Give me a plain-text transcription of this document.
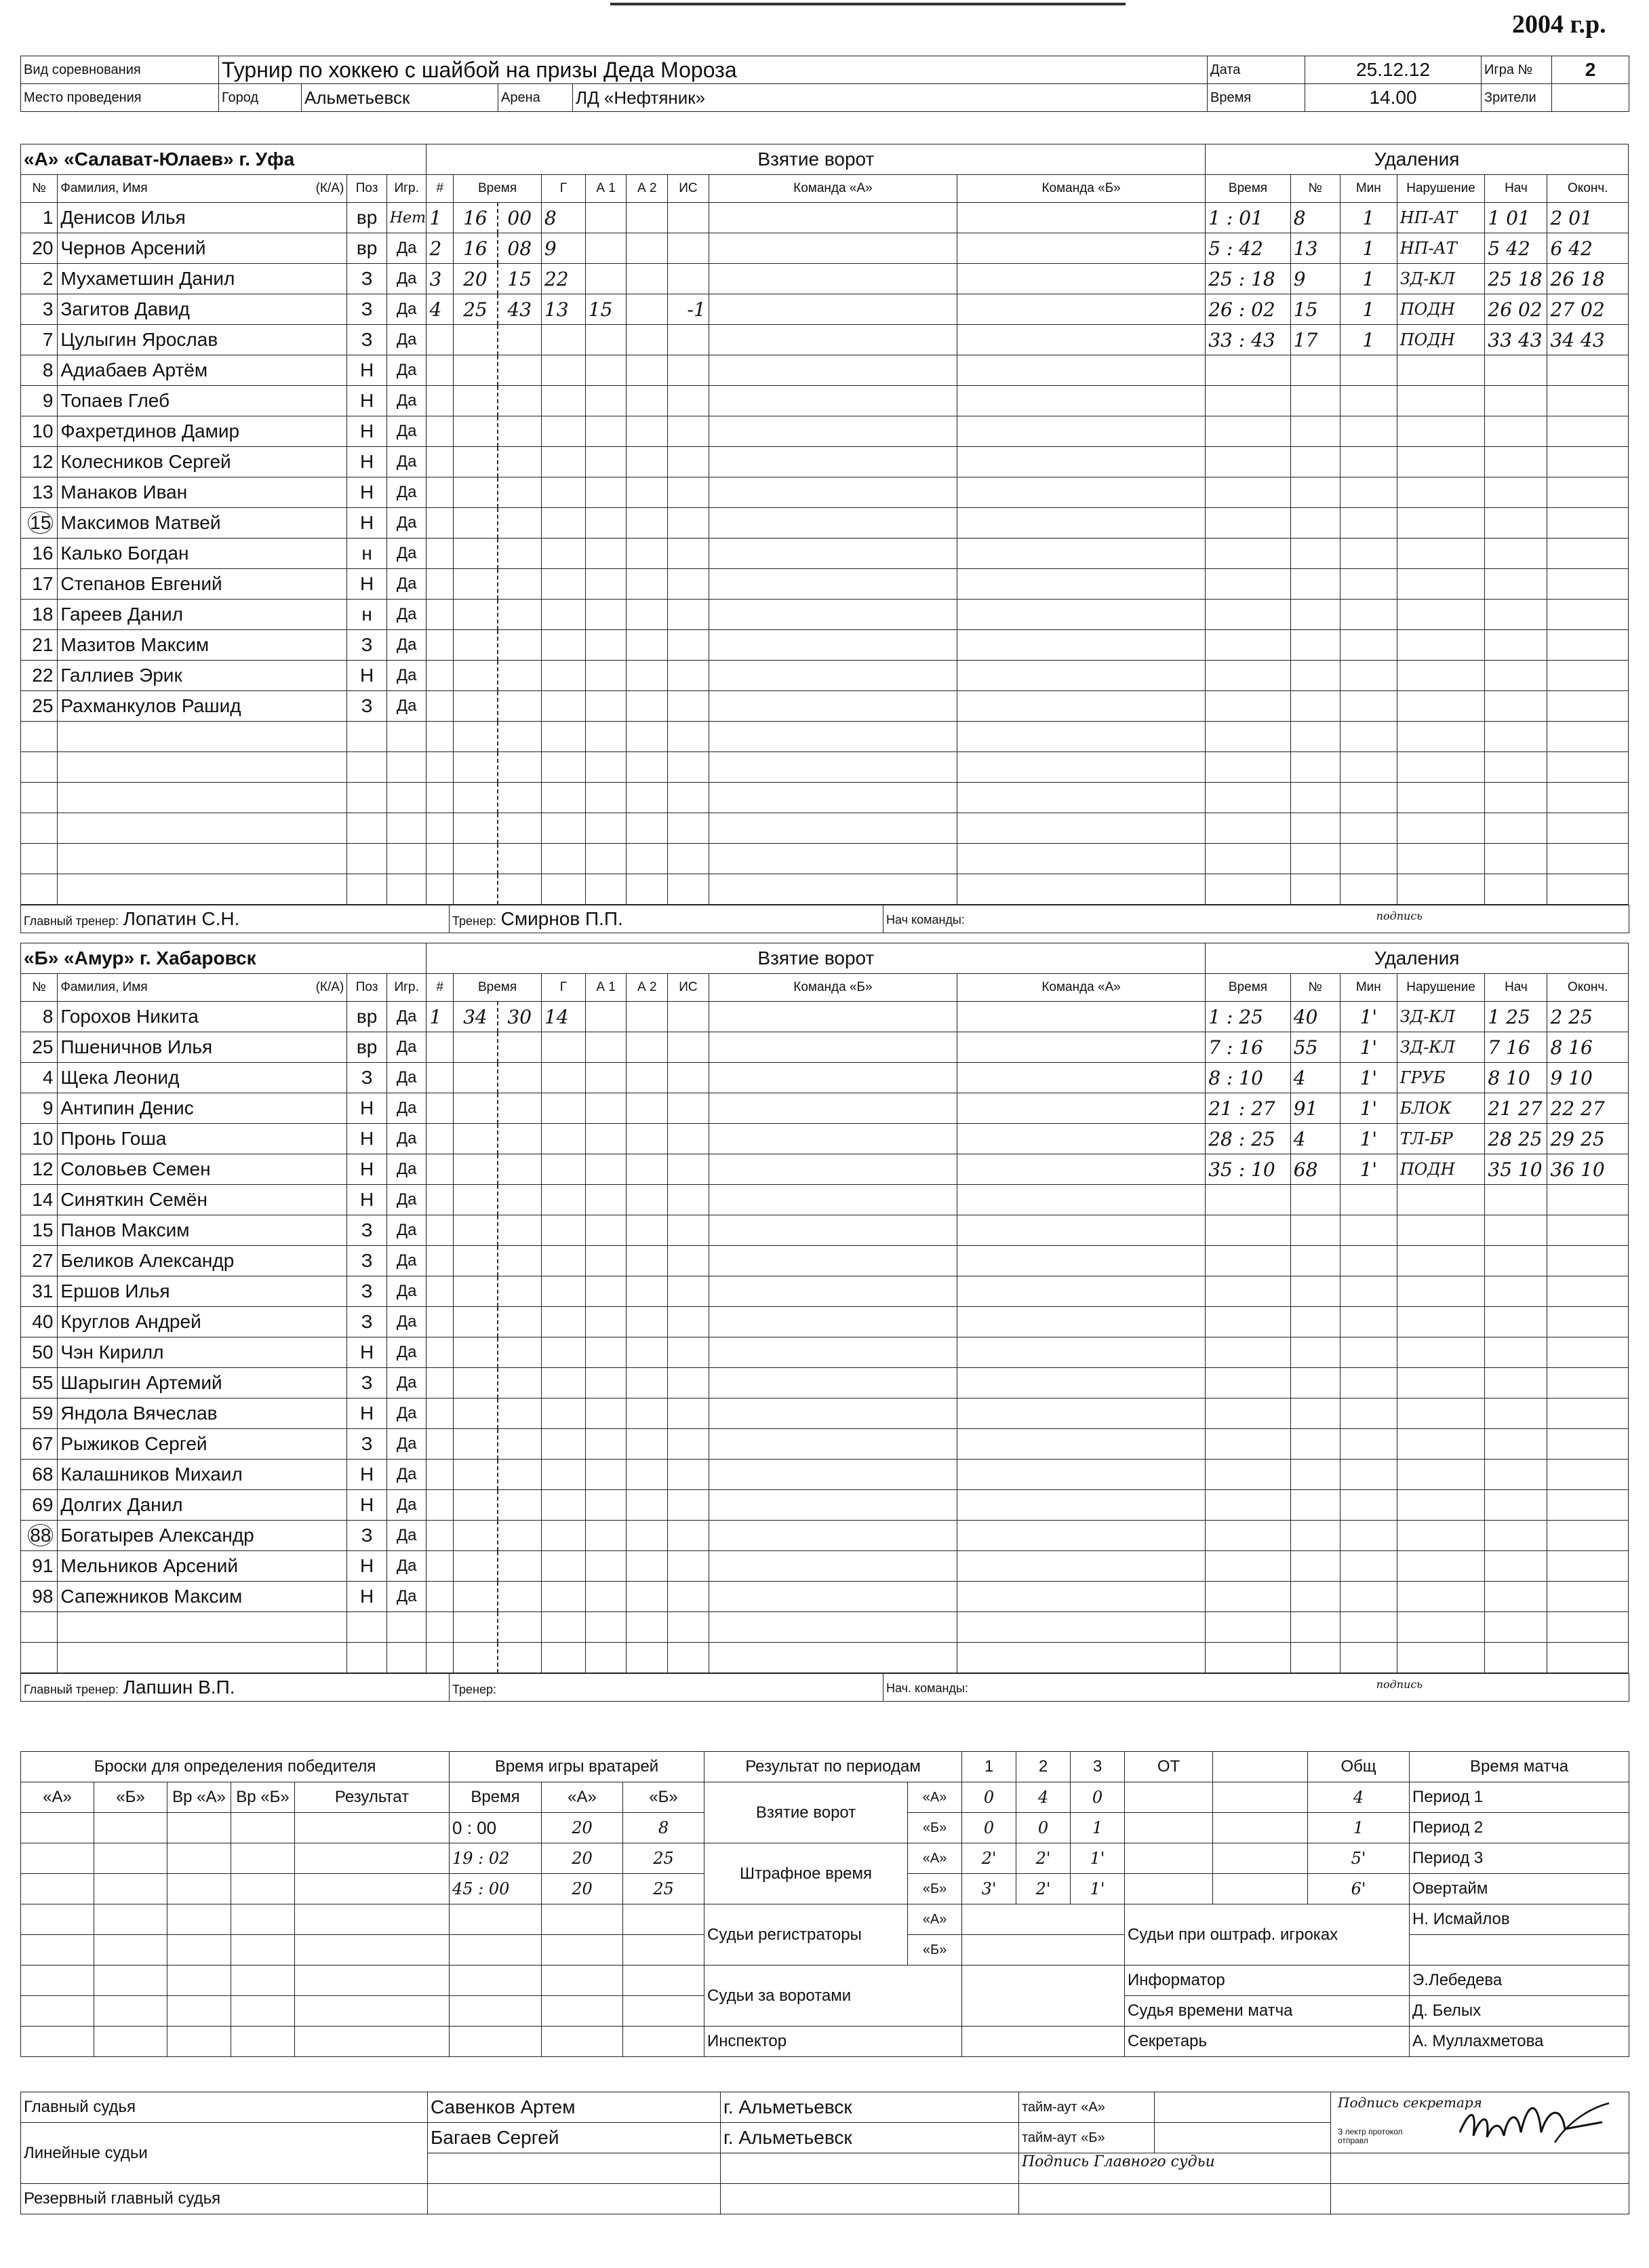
2004 г.р.
Вид соревнования	Турнир по хоккею с шайбой на призы Деда Мороза				Дата	25.12.12	Игра №	2
Место проведения	Город	Альметьевск	Арена	ЛД «Нефтяник»	Время	14.00	Зрители	
«А» «Салават-Юлаев» г. Уфа				Взятие ворот									Удаления					
№	Фамилия, Имя (К/А)	Поз	Игр.	#	Время		Г	А 1	А 2	ИС	Команда «А»	Команда «Б»	Время	№	Мин	Нарушение	Нач	Оконч.
1	Денисов Илья	вр	Нет	1	16	00	8						1 : 01	8	1	НП-АТ	1 01	2 01
20	Чернов Арсений	вр	Да	2	16	08	9						5 : 42	13	1	НП-АТ	5 42	6 42
2	Мухаметшин Данил	З	Да	3	20	15	22						25 : 18	9	1	ЗД-КЛ	25 18	26 18
3	Загитов Давид	З	Да	4	25	43	13	15		-1			26 : 02	15	1	ПОДН	26 02	27 02
7	Цулыгин Ярослав	З	Да										33 : 43	17	1	ПОДН	33 43	34 43
8	Адиабаев Артём	Н	Да															
9	Топаев Глеб	Н	Да															
10	Фахретдинов Дамир	Н	Да															
12	Колесников Сергей	Н	Да															
13	Манаков Иван	Н	Да															
15	Максимов Матвей	Н	Да															
16	Калько Богдан	н	Да															
17	Степанов Евгений	Н	Да															
18	Гареев Данил	н	Да															
21	Мазитов Максим	З	Да															
22	Галлиев Эрик	Н	Да															
25	Рахманкулов Рашид	З	Да															

Главный тренер: Лопатин С.Н.	Тренер: Смирнов П.П.	Нач команды:	подпись
«Б» «Амур» г. Хабаровск				Взятие ворот									Удаления					
№	Фамилия, Имя (К/А)	Поз	Игр.	#	Время		Г	А 1	А 2	ИС	Команда «Б»	Команда «А»	Время	№	Мин	Нарушение	Нач	Оконч.
8	Горохов Никита	вр	Да	1	34	30	14						1 : 25	40	1'	ЗД-КЛ	1 25	2 25
25	Пшеничнов Илья	вр	Да										7 : 16	55	1'	ЗД-КЛ	7 16	8 16
4	Щека Леонид	З	Да										8 : 10	4	1'	ГРУБ	8 10	9 10
9	Антипин Денис	Н	Да										21 : 27	91	1'	БЛОК	21 27	22 27
10	Пронь Гоша	Н	Да										28 : 25	4	1'	ТЛ-БР	28 25	29 25
12	Соловьев Семен	Н	Да										35 : 10	68	1'	ПОДН	35 10	36 10
14	Синяткин Семён	Н	Да															
15	Панов Максим	З	Да															
27	Беликов Александр	З	Да															
31	Ершов Илья	З	Да															
40	Круглов Андрей	З	Да															
50	Чэн Кирилл	Н	Да															
55	Шарыгин Артемий	З	Да															
59	Яндола Вячеслав	Н	Да															
67	Рыжиков Сергей	З	Да															
68	Калашников Михаил	Н	Да															
69	Долгих Данил	Н	Да															
88	Богатырев Александр	З	Да															
91	Мельников Арсений	Н	Да															
98	Сапежников Максим	Н	Да															

Главный тренер: Лапшин В.П.	Тренер:	Нач. команды:	подпись
Броски для определения победителя					Время игры вратарей			Результат по периодам		1	2	3	ОТ		Общ	Время матча
«А»	«Б»	Вр «А»	Вр «Б»	Результат	Время	«А»	«Б»	Взятие ворот	«А»	0	4	0			4	Период 1
					0 : 00	20	8		«Б»	0	0	1			1	Период 2
					19 : 02	20	25	Штрафное время	«А»	2'	2'	1'			5'	Период 3
					45 : 00	20	25		«Б»	3'	2'	1'			6'	Овертайм
								Судьи регистраторы	«А»				Судьи при оштраф. игроках			Н. Исмайлов
									«Б»							
								Судьи за воротами					Информатор			Э.Лебедева
													Судья времени матча			Д. Белых
								Инспектор					Секретарь			А. Муллахметова
Главный судья	Савенков Артем	г. Альметьевск	тайм-аут «А»		Подпись секретаря
З лектр протокол отправл

Линейные судьи	Багаев Сергей	г. Альметьевск	тайм-аут «Б»		
			Подпись Главного судьи		
Резервный главный судья					
